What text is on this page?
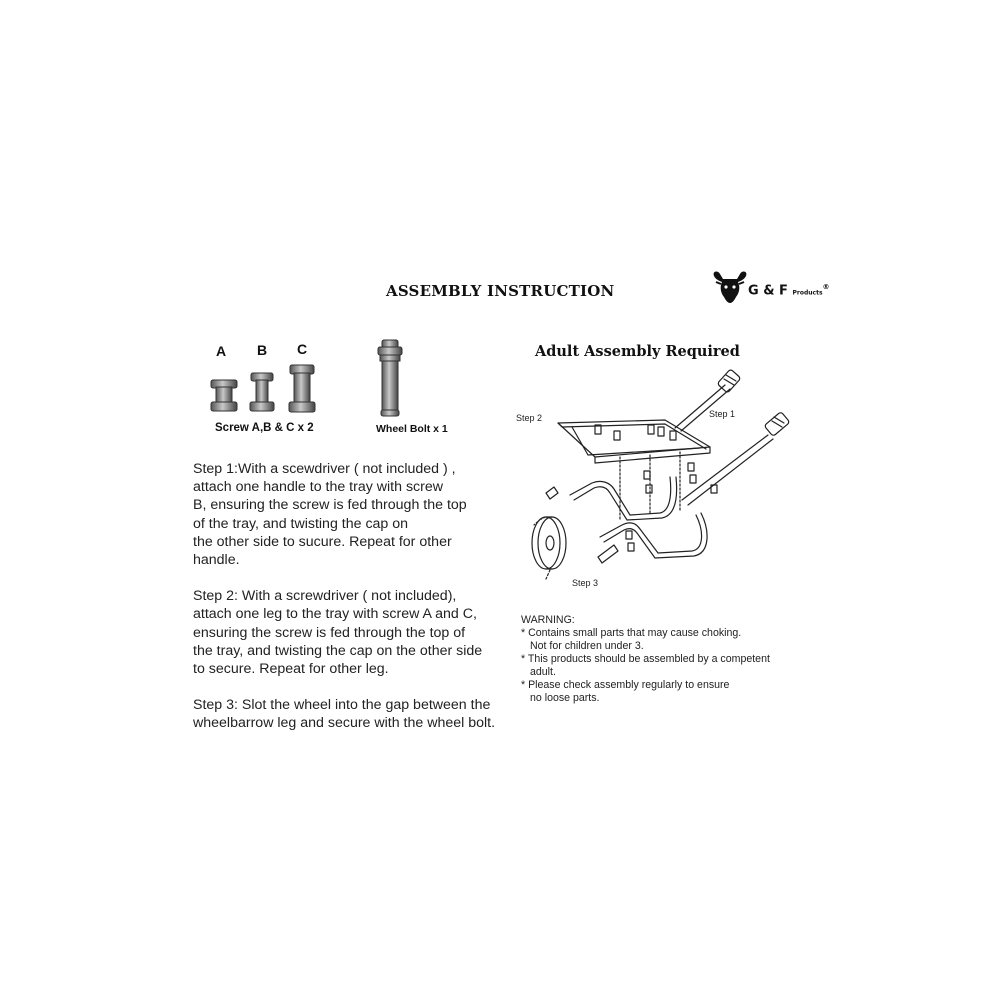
ASSEMBLY INSTRUCTION	G & F Products®
A B C
Screw A,B & C x 2	Wheel Bolt x 1
Adult Assembly Required
Step 1:With a scewdriver ( not included ) ,
attach one handle to the tray with screw
B, ensuring the screw is fed through the top
of the tray, and twisting the cap on
the other side to sucure. Repeat for other
handle.
Step 2: With a screwdriver ( not included),
attach one leg to the tray with screw A and C,
ensuring the screw is fed through the top of
the tray, and twisting the cap on the other side
to secure. Repeat for other leg.
Step 3: Slot the wheel into the gap between the
wheelbarrow leg and secure with the wheel bolt.
Step 2	Step 1
Step 3
WARNING:
* Contains small parts that may cause choking.
Not for children under 3.
* This products should be assembled by a competent
adult.
* Please check assembly regularly to ensure
no loose parts.
